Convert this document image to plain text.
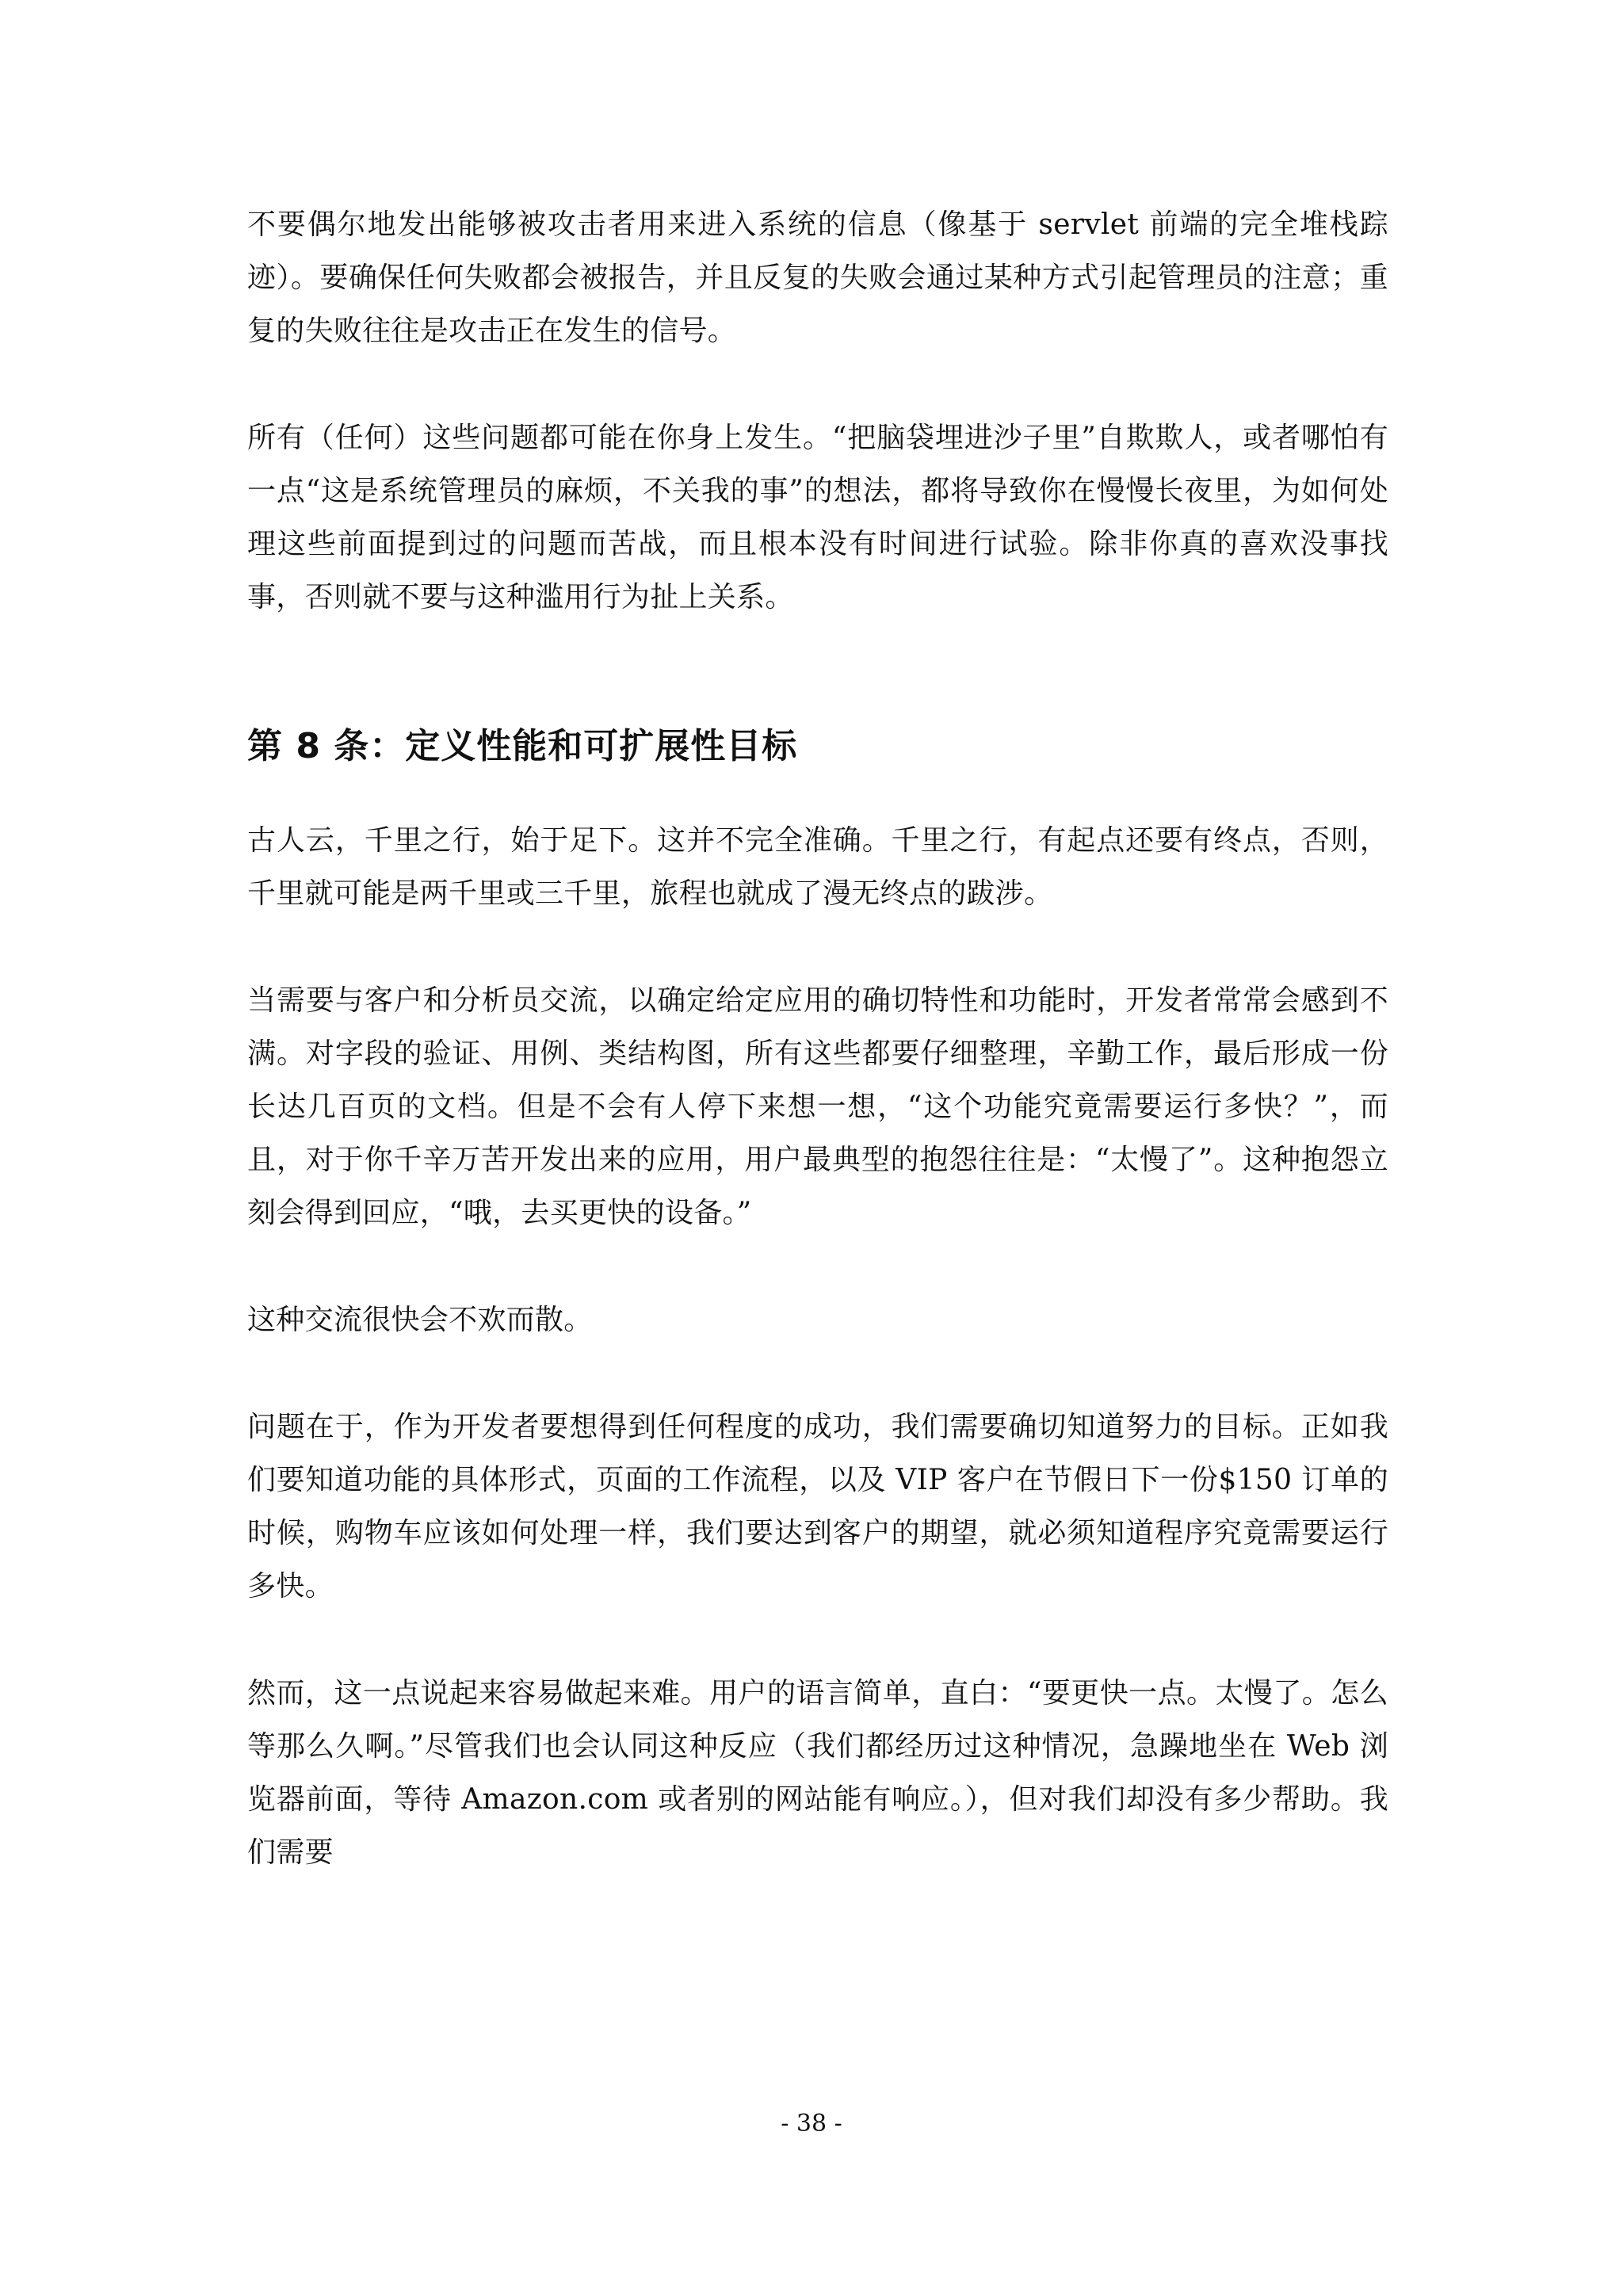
不要偶尔地发出能够被攻击者用来进入系统的信息（像基于 servlet 前端的完全堆栈踪迹）。要确保任何失败都会被报告，并且反复的失败会通过某种方式引起管理员的注意；重复的失败往往是攻击正在发生的信号。

所有（任何）这些问题都可能在你身上发生。“把脑袋埋进沙子里”自欺欺人，或者哪怕有一点“这是系统管理员的麻烦，不关我的事”的想法，都将导致你在慢慢长夜里，为如何处理这些前面提到过的问题而苦战，而且根本没有时间进行试验。除非你真的喜欢没事找事，否则就不要与这种滥用行为扯上关系。

第 8 条：定义性能和可扩展性目标

古人云，千里之行，始于足下。这并不完全准确。千里之行，有起点还要有终点，否则，千里就可能是两千里或三千里，旅程也就成了漫无终点的跋涉。

当需要与客户和分析员交流，以确定给定应用的确切特性和功能时，开发者常常会感到不满。对字段的验证、用例、类结构图，所有这些都要仔细整理，辛勤工作，最后形成一份长达几百页的文档。但是不会有人停下来想一想，“这个功能究竟需要运行多快？”，而且，对于你千辛万苦开发出来的应用，用户最典型的抱怨往往是：“太慢了”。这种抱怨立刻会得到回应，“哦，去买更快的设备。”

这种交流很快会不欢而散。

问题在于，作为开发者要想得到任何程度的成功，我们需要确切知道努力的目标。正如我们要知道功能的具体形式，页面的工作流程，以及 VIP 客户在节假日下一份$150 订单的时候，购物车应该如何处理一样，我们要达到客户的期望，就必须知道程序究竟需要运行多快。

然而，这一点说起来容易做起来难。用户的语言简单，直白：“要更快一点。太慢了。怎么等那么久啊。”尽管我们也会认同这种反应（我们都经历过这种情况，急躁地坐在 Web 浏览器前面，等待 Amazon.com 或者别的网站能有响应。），但对我们却没有多少帮助。我们需要

- 38 -
